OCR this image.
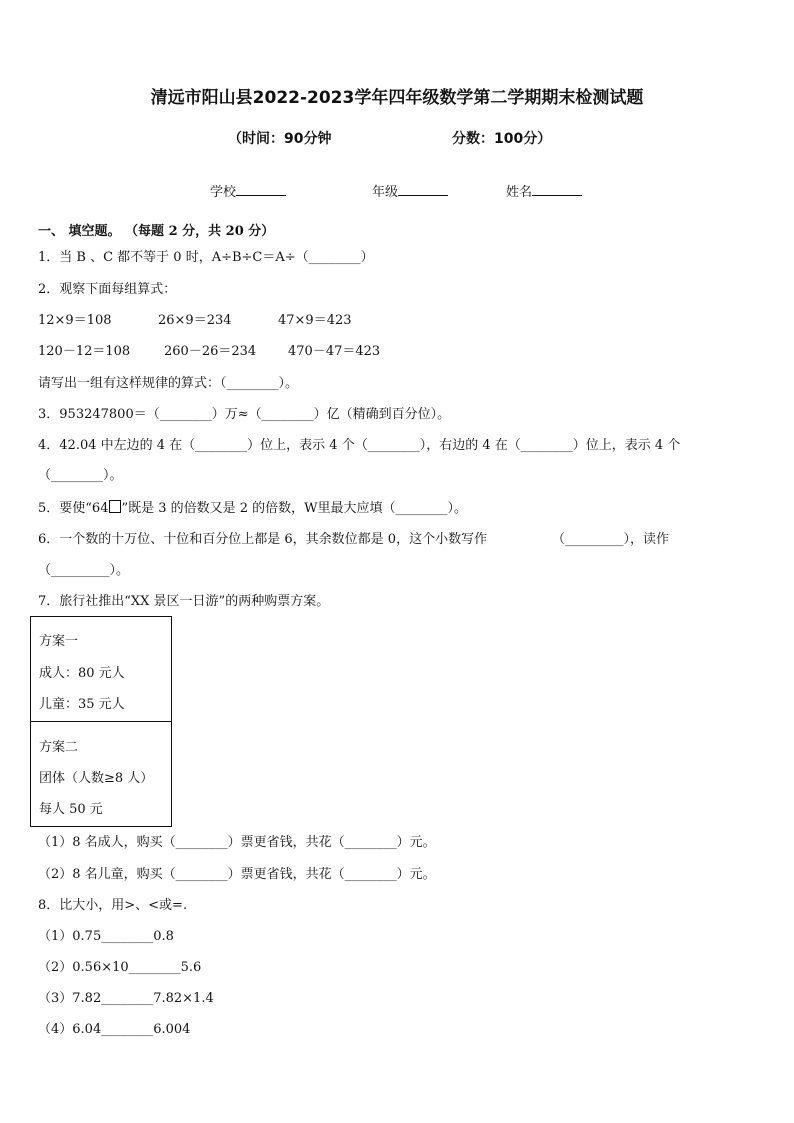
清远市阳山县2022-2023学年四年级数学第二学期期末检测试题
（时间：90分钟	分数：100分）
学校	年级	姓名
一、 填空题。 （每题 2 分，共 20 分）
1．当 B 、C 都不等于 0 时，A÷B÷C＝A÷（________）
2．观察下面每组算式：
12×9＝108	26×9＝234	47×9＝423
120－12＝108	260－26＝234 470－47＝423
请写出一组有这样规律的算式：（________）。
3．953247800＝（________）万≈（________）亿（精确到百分位）。
4．42.04 中左边的 4 在（________）位上，表示 4 个（________），右边的 4 在（________）位上，表示 4 个
（________）。
5．要使“64 ”既是 3 的倍数又是 2 的倍数，W里最大应填（________）。
6．一个数的十万位、十位和百分位上都是 6，其余数位都是 0，这个小数写作	（_________），读作
（_________）。
7．旅行社推出“XX 景区一日游”的两种购票方案。
方案一
成人：80 元人
儿童：35 元人
方案二
团体（人数≥8 人）
每人 50 元
（1）8 名成人，购买（________）票更省钱，共花（________）元。
（2）8 名儿童，购买（________）票更省钱，共花（________）元。
8．比大小，用>、<或=.
（1）0.75________0.8
（2）0.56×10________5.6
（3）7.82________7.82×1.4
（4）6.04________6.004
